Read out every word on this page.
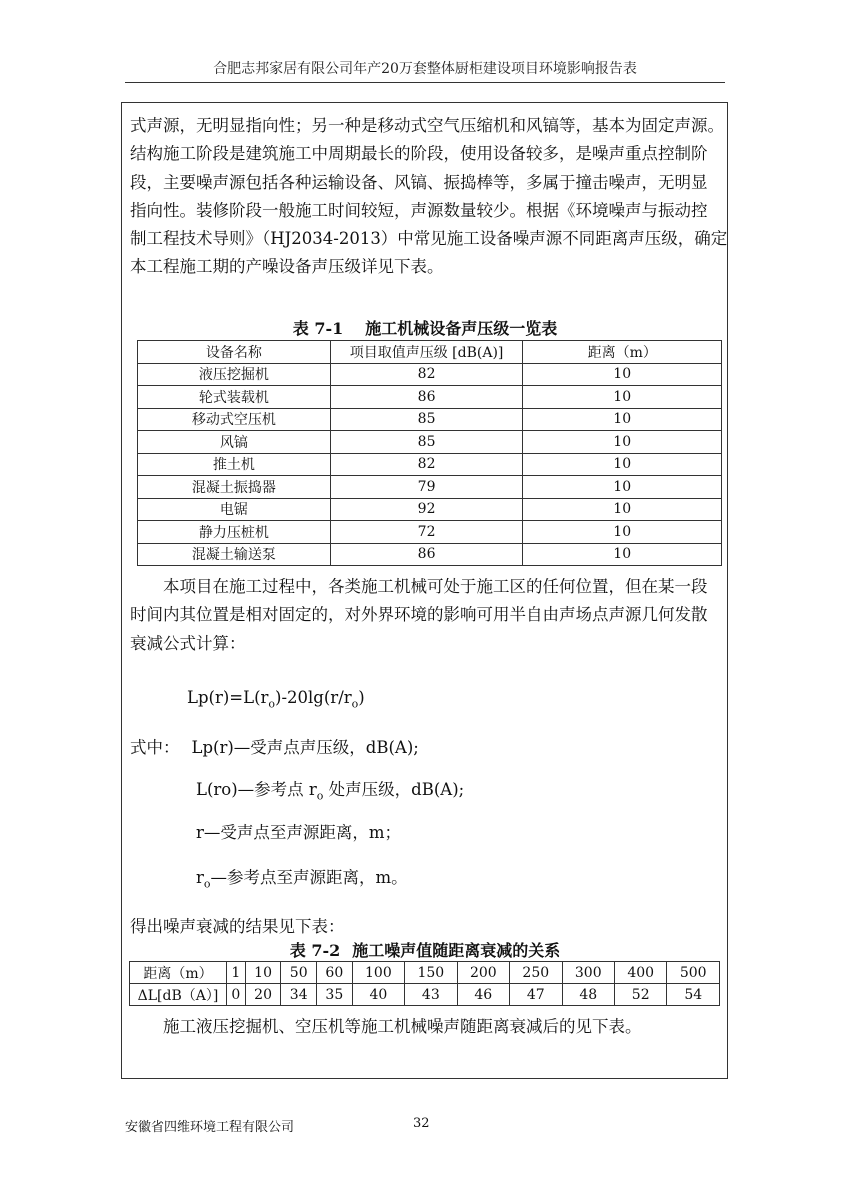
合肥志邦家居有限公司年产20万套整体厨柜建设项目环境影响报告表
式声源，无明显指向性；另一种是移动式空气压缩机和风镐等，基本为固定声源。
结构施工阶段是建筑施工中周期最长的阶段，使用设备较多，是噪声重点控制阶
段，主要噪声源包括各种运输设备、风镐、振捣棒等，多属于撞击噪声，无明显
指向性。装修阶段一般施工时间较短，声源数量较少。根据《环境噪声与振动控
制工程技术导则》（HJ2034-2013）中常见施工设备噪声源不同距离声压级，确定
本工程施工期的产噪设备声压级详见下表。
表 7-1 施工机械设备声压级一览表
设备名称	项目取值声压级 [dB(A)]	距离（m）
液压挖掘机	82	10
轮式装载机	86	10
移动式空压机	85	10
风镐	85	10
推土机	82	10
混凝土振捣器	79	10
电锯	92	10
静力压桩机	72	10
混凝土输送泵	86	10
本项目在施工过程中，各类施工机械可处于施工区的任何位置，但在某一段
时间内其位置是相对固定的，对外界环境的影响可用半自由声场点声源几何发散
衰减公式计算：
$Lp(r)=L(r_o)-20\lg(r/r_o)$
式中： Lp(r)—受声点声压级，dB(A);
L(ro)—参考点 $r_o$ 处声压级，dB(A);
r—受声点至声源距离，m；
$r_o—$参考点至声源距离，m。
得出噪声衰减的结果见下表：
表 7-2 施工噪声值随距离衰减的关系
距离（m）	1	10	50	60	100	150	200	250	300	400	500
ΔL[dB（A）]	0	20	34	35	40	43	46	47	48	52	54
施工液压挖掘机、空压机等施工机械噪声随距离衰减后的见下表。
安徽省四维环境工程有限公司	32
